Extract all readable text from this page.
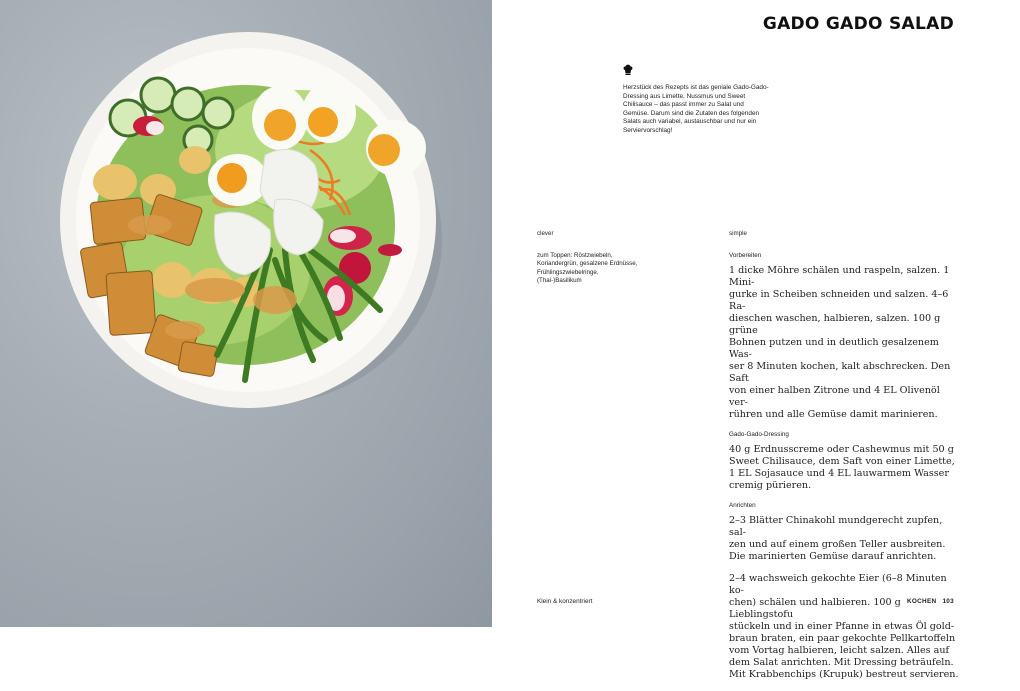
GADO GADO SALAD
Herzstück des Rezepts ist das geniale Gado-Gado-Dressing aus Limette, Nussmus und Sweet Chilisauce – das passt immer zu Salat und Gemüse. Darum sind die Zutaten des folgenden Salats auch variabel, austauschbar und nur ein Serviervorschlag!
clever	simple
zum Toppen: Röstzwiebeln, Koriandergrün, gesalzene Erdnüsse, Frühlingszwiebelringe, (Thai-)Basilikum
Vorbereiten
1 dicke Möhre schälen und raspeln, salzen. 1 Mini-
gurke in Scheiben schneiden und salzen. 4–6 Ra-
dieschen waschen, halbieren, salzen. 100 g grüne
Bohnen putzen und in deutlich gesalzenem Was-
ser 8 Minuten kochen, kalt abschrecken. Den Saft
von einer halben Zitrone und 4 EL Olivenöl ver-
rühren und alle Gemüse damit marinieren.
Gado-Gado-Dressing
40 g Erdnusscreme oder Cashewmus mit 50 g
Sweet Chilisauce, dem Saft von einer Limette,
1 EL Sojasauce und 4 EL lauwarmem Wasser
cremig pürieren.
Anrichten
2–3 Blätter Chinakohl mundgerecht zupfen, sal-
zen und auf einem großen Teller ausbreiten.
Die marinierten Gemüse darauf anrichten.
2–4 wachsweich gekochte Eier (6–8 Minuten ko-
chen) schälen und halbieren. 100 g Lieblingstofu
stückeln und in einer Pfanne in etwas Öl gold-
braun braten, ein paar gekochte Pellkartoffeln
vom Vortag halbieren, leicht salzen. Alles auf
dem Salat anrichten. Mit Dressing beträufeln.
Mit Krabbenchips (Krupuk) bestreut servieren.
Klein & konzentriert	KOCHEN 103
